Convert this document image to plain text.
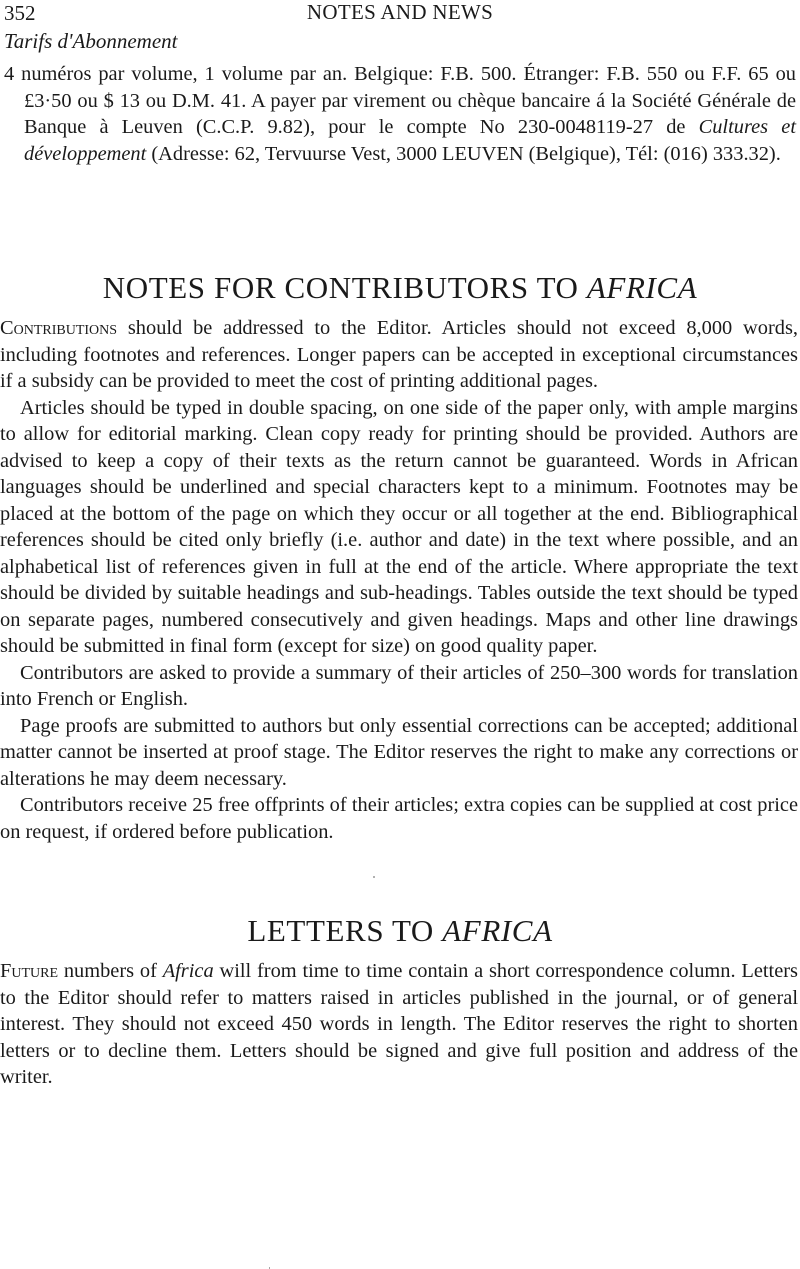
352	NOTES AND NEWS
Tarifs d'Abonnement
4 numéros par volume, 1 volume par an. Belgique: F.B. 500. Étranger: F.B. 550 ou F.F. 65 ou £3·50 ou $ 13 ou D.M. 41. A payer par virement ou chèque bancaire á la Société Générale de Banque à Leuven (C.C.P. 9.82), pour le compte No 230-0048119-27 de Cultures et développement (Adresse: 62, Tervuurse Vest, 3000 LEUVEN (Belgique), Tél: (016) 333.32).
NOTES FOR CONTRIBUTORS TO AFRICA

Contributions should be addressed to the Editor. Articles should not exceed 8,000 words, including footnotes and references. Longer papers can be accepted in exceptional circumstances if a subsidy can be provided to meet the cost of printing additional pages.

Articles should be typed in double spacing, on one side of the paper only, with ample margins to allow for editorial marking. Clean copy ready for printing should be provided. Authors are advised to keep a copy of their texts as the return cannot be guaranteed. Words in African languages should be underlined and special characters kept to a minimum. Footnotes may be placed at the bottom of the page on which they occur or all together at the end. Bibliographical references should be cited only briefly (i.e. author and date) in the text where possible, and an alphabetical list of references given in full at the end of the article. Where appropriate the text should be divided by suitable headings and sub-headings. Tables outside the text should be typed on separate pages, numbered consecutively and given headings. Maps and other line drawings should be submitted in final form (except for size) on good quality paper.

Contributors are asked to provide a summary of their articles of 250–300 words for translation into French or English.

Page proofs are submitted to authors but only essential corrections can be accepted; additional matter cannot be inserted at proof stage. The Editor reserves the right to make any corrections or alterations he may deem necessary.

Contributors receive 25 free offprints of their articles; extra copies can be supplied at cost price on request, if ordered before publication.

LETTERS TO AFRICA

Future numbers of Africa will from time to time contain a short correspondence column. Letters to the Editor should refer to matters raised in articles published in the journal, or of general interest. They should not exceed 450 words in length. The Editor reserves the right to shorten letters or to decline them. Letters should be signed and give full position and address of the writer.
